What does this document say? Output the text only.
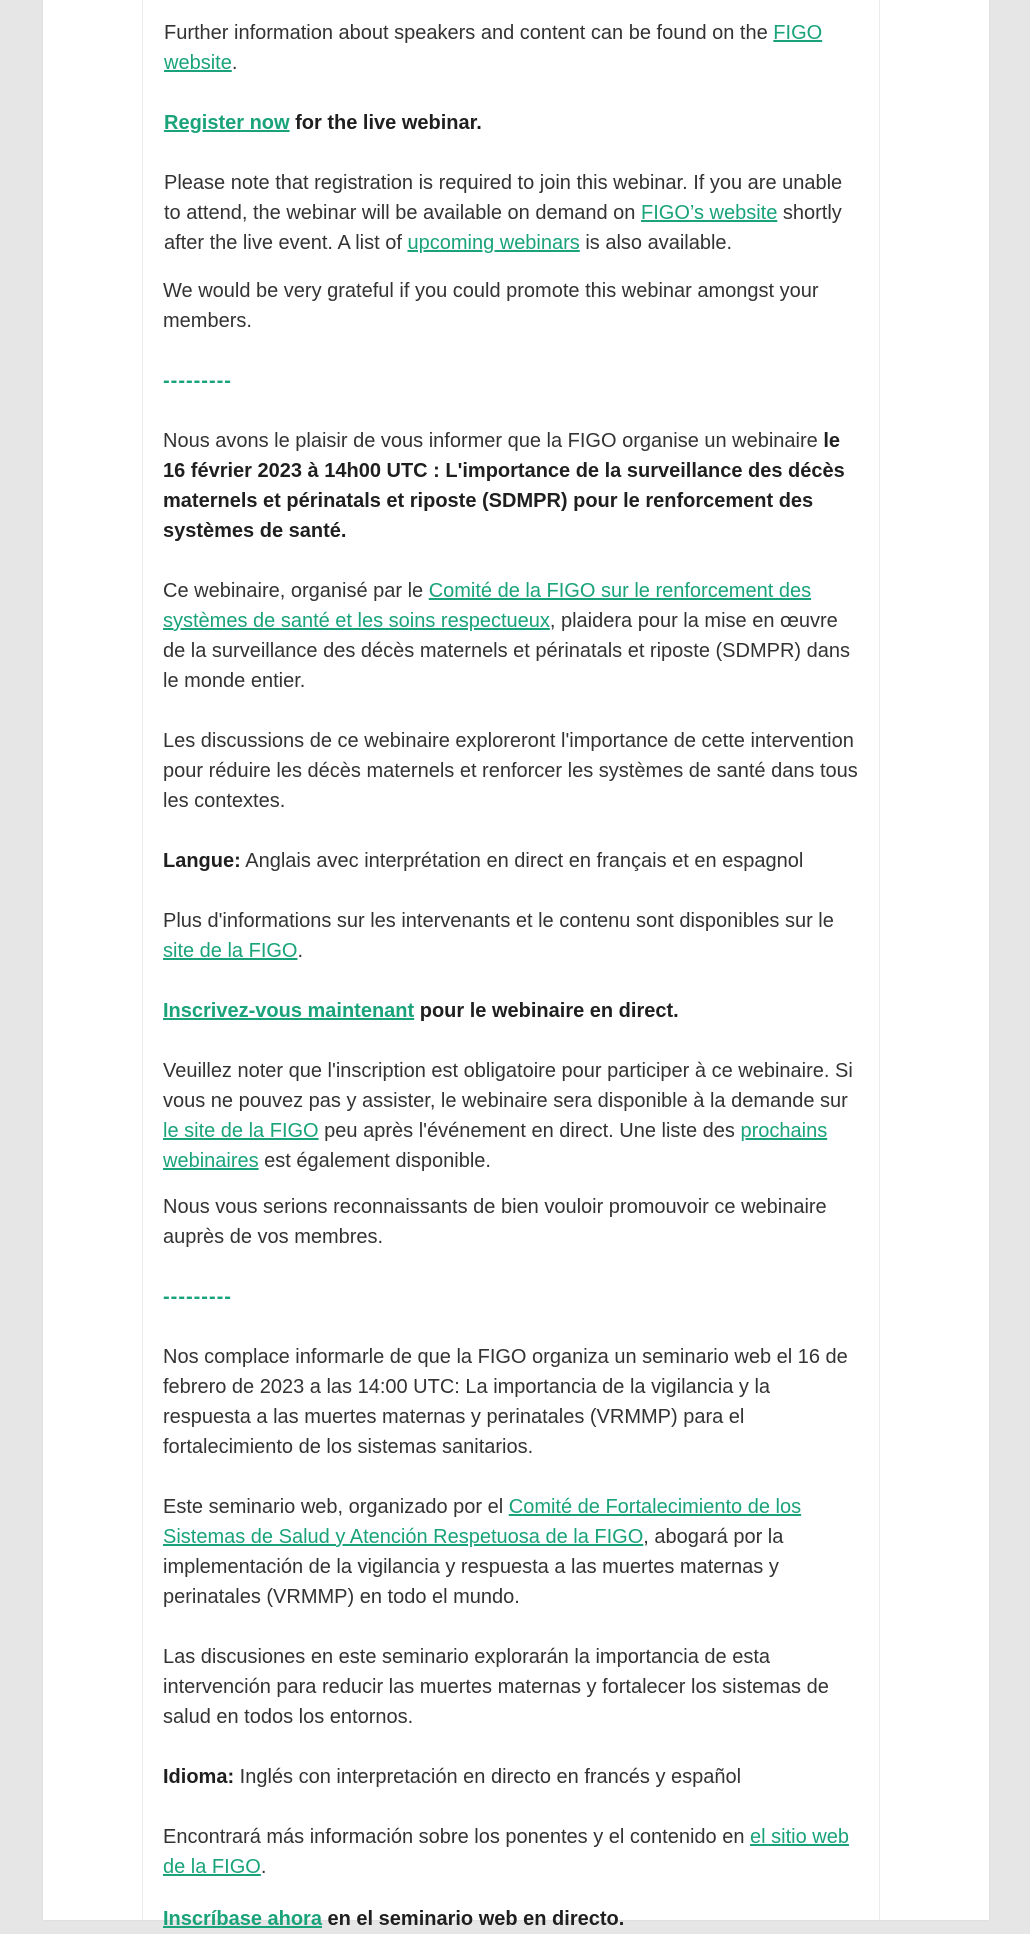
Further information about speakers and content can be found on the FIGO website.

Register now for the live webinar.

Please note that registration is required to join this webinar. If you are unable to attend, the webinar will be available on demand on FIGO’s website shortly after the live event. A list of upcoming webinars is also available.

We would be very grateful if you could promote this webinar amongst your members.

---------

Nous avons le plaisir de vous informer que la FIGO organise un webinaire le 16 février 2023 à 14h00 UTC : L'importance de la surveillance des décès maternels et périnatals et riposte (SDMPR) pour le renforcement des systèmes de santé.

Ce webinaire, organisé par le Comité de la FIGO sur le renforcement des systèmes de santé et les soins respectueux, plaidera pour la mise en œuvre de la surveillance des décès maternels et périnatals et riposte (SDMPR) dans le monde entier.

Les discussions de ce webinaire exploreront l'importance de cette intervention pour réduire les décès maternels et renforcer les systèmes de santé dans tous les contextes.

Langue: Anglais avec interprétation en direct en français et en espagnol

Plus d'informations sur les intervenants et le contenu sont disponibles sur le site de la FIGO.

Inscrivez-vous maintenant pour le webinaire en direct.

Veuillez noter que l'inscription est obligatoire pour participer à ce webinaire. Si vous ne pouvez pas y assister, le webinaire sera disponible à la demande sur le site de la FIGO peu après l'événement en direct. Une liste des prochains webinaires est également disponible.

Nous vous serions reconnaissants de bien vouloir promouvoir ce webinaire auprès de vos membres.

---------

Nos complace informarle de que la FIGO organiza un seminario web el 16 de febrero de 2023 a las 14:00 UTC: La importancia de la vigilancia y la respuesta a las muertes maternas y perinatales (VRMMP) para el fortalecimiento de los sistemas sanitarios.

Este seminario web, organizado por el Comité de Fortalecimiento de los Sistemas de Salud y Atención Respetuosa de la FIGO, abogará por la implementación de la vigilancia y respuesta a las muertes maternas y perinatales (VRMMP) en todo el mundo.

Las discusiones en este seminario explorarán la importancia de esta intervención para reducir las muertes maternas y fortalecer los sistemas de salud en todos los entornos.

Idioma: Inglés con interpretación en directo en francés y español

Encontrará más información sobre los ponentes y el contenido en el sitio web de la FIGO.

Inscríbase ahora en el seminario web en directo.
